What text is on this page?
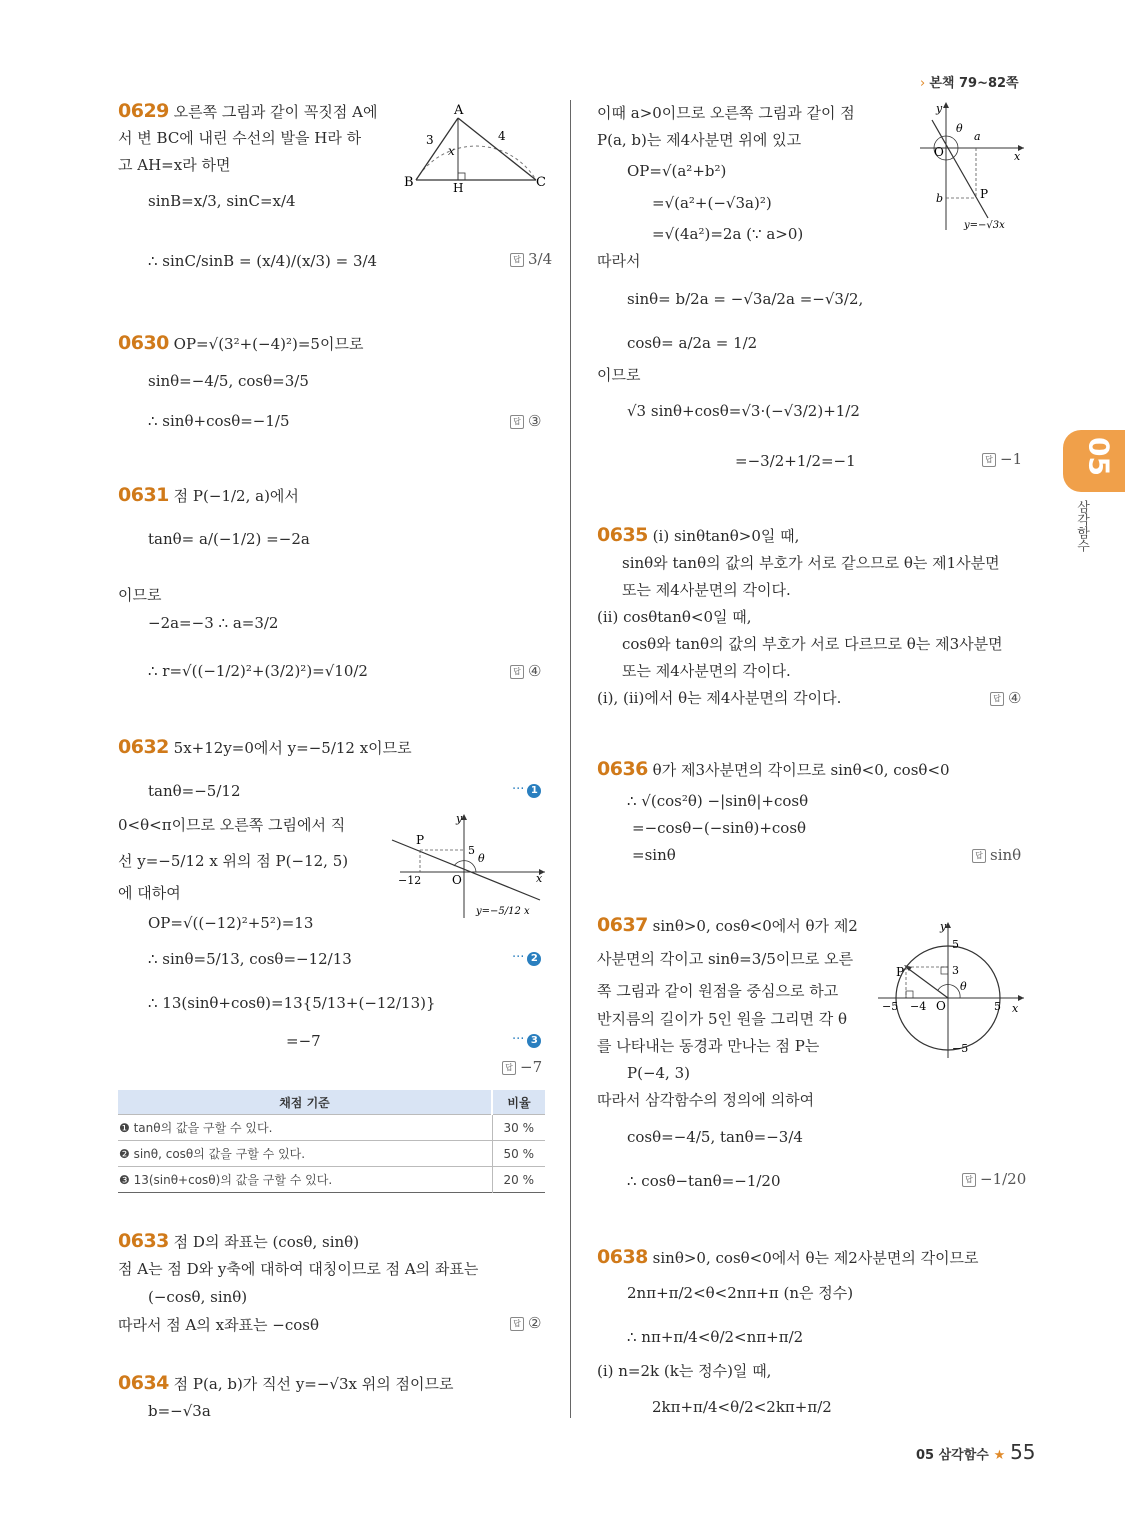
› 본책 79~82쪽
05
삼각함수
0629 오른쪽 그림과 같이 꼭짓점 A에
서 변 BC에 내린 수선의 발을 H라 하
고 AH=x라 하면
sinB=x/3, sinC=x/4
∴ sinC/sinB = (x/4)/(x/3) = 3/4 답	3/4
A
B	C
H
3	4
x
0630 OP=√(3²+(−4)²)=5이므로
sinθ=−4/5, cosθ=3/5
∴ sinθ+cosθ=−1/5 답	③
0631 점 P(−1/2, a)에서
tanθ= a/(−1/2) =−2a
이므로
−2a=−3 ∴ a=3/2
∴ r=√((−1/2)²+(3/2)²)=√10/2 답	④
0632 5x+12y=0에서 y=−5/12 x이므로
tanθ=−5/12	··· 1
0<θ<π이므로 오른쪽 그림에서 직
선 y=−5/12 x 위의 점 P(−12, 5)
에 대하여
OP=√((−12)²+5²)=13
∴ sinθ=5/13, cosθ=−12/13	··· 2
∴ 13(sinθ+cosθ)=13{5/13+(−12/13)}
=−7	··· 3
답−7
y
x
P
5
θ
−12	O
y=−5/12 x
채점 기준	비율
❶ tanθ의 값을 구할 수 있다.	30 %
❷ sinθ, cosθ의 값을 구할 수 있다.	50 %
❸ 13(sinθ+cosθ)의 값을 구할 수 있다.	20 %
0633 점 D의 좌표는 (cosθ, sinθ)
점 A는 점 D와 y축에 대하여 대칭이므로 점 A의 좌표는
(−cosθ, sinθ)
따라서 점 A의 x좌표는 −cosθ 답	②
0634 점 P(a, b)가 직선 y=−√3x 위의 점이므로
b=−√3a
이때 a>0이므로 오른쪽 그림과 같이 점
P(a, b)는 제4사분면 위에 있고
OP=√(a²+b²)
=√(a²+(−√3a)²)
=√(4a²)=2a (∵ a>0)
따라서
sinθ= b/2a = −√3a/2a =−√3/2,
cosθ= a/2a = 1/2
이므로
√3 sinθ+cosθ=√3·(−√3/2)+1/2
=−3/2+1/2=−1 답	−1
y
x
O
θ
a
b	P
y=−√3x
0635 (i) sinθtanθ>0일 때,
sinθ와 tanθ의 값의 부호가 서로 같으므로 θ는 제1사분면
또는 제4사분면의 각이다.
(ii) cosθtanθ<0일 때,
cosθ와 tanθ의 값의 부호가 서로 다르므로 θ는 제3사분면
또는 제4사분면의 각이다.
(i), (ii)에서 θ는 제4사분면의 각이다. 답	④
0636 θ가 제3사분면의 각이므로 sinθ<0, cosθ<0
∴ √(cos²θ) −|sinθ|+cosθ
=−cosθ−(−sinθ)+cosθ
=sinθ 답	sinθ
0637 sinθ>0, cosθ<0에서 θ가 제2
사분면의 각이고 sinθ=3/5이므로 오른
쪽 그림과 같이 원점을 중심으로 하고
반지름의 길이가 5인 원을 그리면 각 θ
를 나타내는 동경과 만나는 점 P는
P(−4, 3)
따라서 삼각함수의 정의에 의하여
cosθ=−4/5, tanθ=−3/4
∴ cosθ−tanθ=−1/20 답	−1/20
y
x
P
5
3
θ
−5 −4 O	5
−5
0638 sinθ>0, cosθ<0에서 θ는 제2사분면의 각이므로
2nπ+π/2<θ<2nπ+π (n은 정수)
∴ nπ+π/4<θ/2<nπ+π/2
(i) n=2k (k는 정수)일 때,
2kπ+π/4<θ/2<2kπ+π/2
05 삼각함수 ★ 55
